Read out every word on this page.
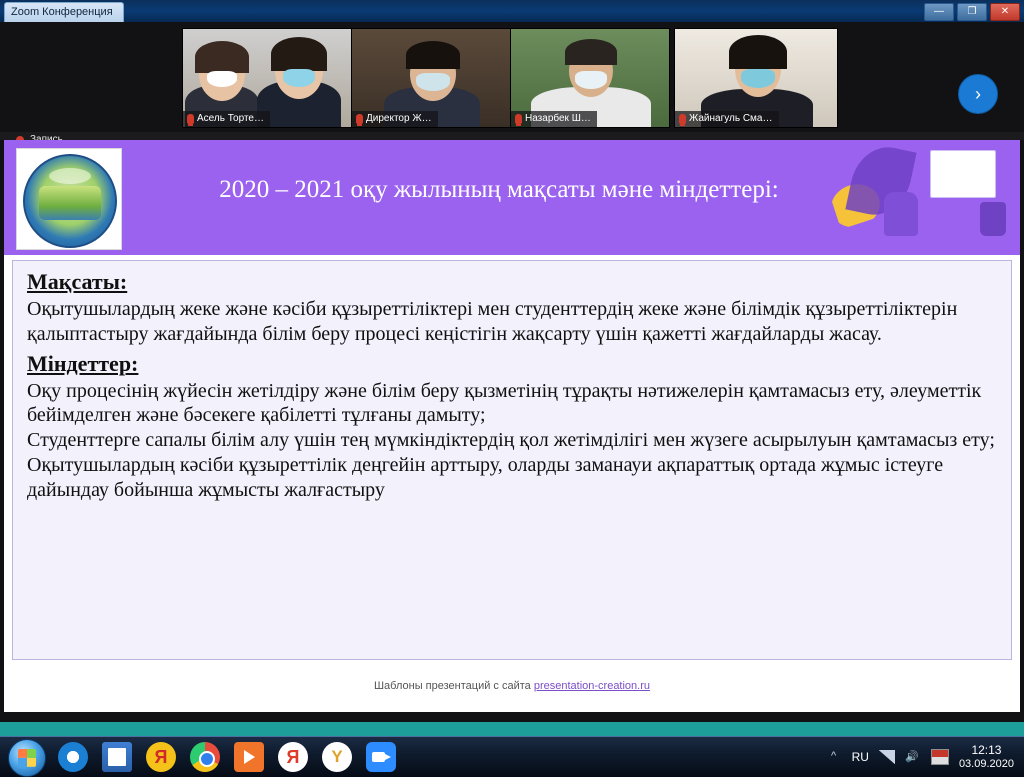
Zoom Конференция	—	❐	✕
Асель Торте…	Директор Ж…	Назарбек Ш…	Жайнагуль Сма…
›
2020 – 2021 оқу жылының мақсаты мәне міндеттері:
Мақсаты:
Оқытушылардың жеке және кәсіби құзыреттіліктері мен студенттердің жеке және білімдік құзыреттіліктерін қалыптастыру жағдайында білім беру процесі кеңістігін жақсарту үшін қажетті жағдайларды жасау.
Міндеттер:
Оқу процесінің жүйесін жетілдіру және білім беру қызметінің тұрақты нәтижелерін қамтамасыз ету, әлеуметтік бейімделген және бәсекеге қабілетті тұлғаны дамыту;
Студенттерге сапалы білім алу үшін тең мүмкіндіктердің қол жетімділігі мен жүзеге асырылуын қамтамасыз ету;
Оқытушылардың кәсіби құзыреттілік деңгейін арттыру, оларды заманауи ақпараттық ортада жұмыс істеуге дайындау бойынша жұмысты жалғастыру
Шаблоны презентаций с сайта presentation-creation.ru
e
Я
Я
Y
^
RU
🔊
12:13
03.09.2020
